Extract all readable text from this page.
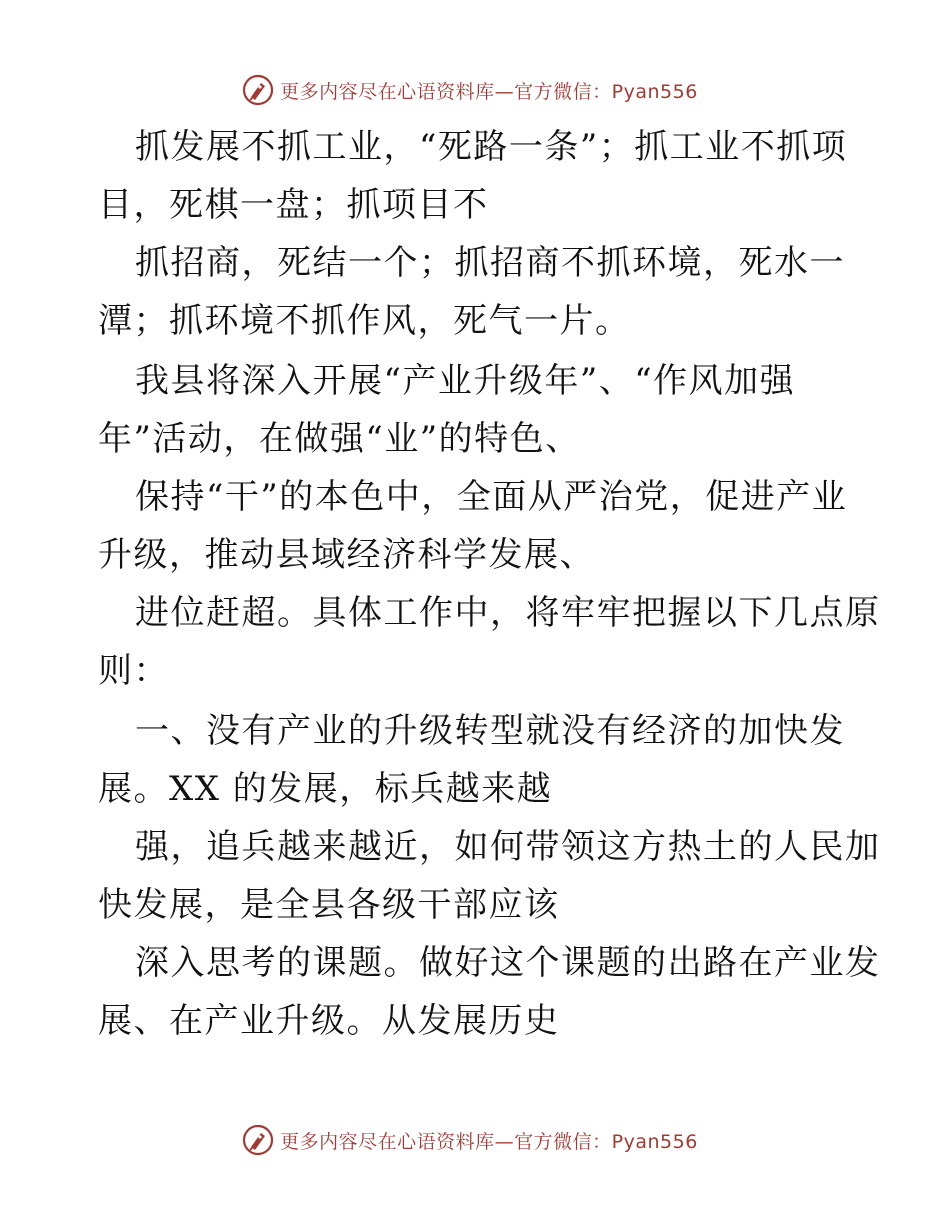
更多内容尽在心语资料库—官方微信：Pyan556
抓发展不抓工业，“死路一条”；抓工业不抓项
目，死棋一盘；抓项目不
抓招商，死结一个；抓招商不抓环境，死水一
潭；抓环境不抓作风，死气一片。
我县将深入开展“产业升级年”、“作风加强
年”活动，在做强“业”的特色、
保持“干”的本色中，全面从严治党，促进产业
升级，推动县域经济科学发展、
进位赶超。具体工作中，将牢牢把握以下几点原
则：
一、没有产业的升级转型就没有经济的加快发
展。XX 的发展，标兵越来越
强，追兵越来越近，如何带领这方热土的人民加
快发展，是全县各级干部应该
深入思考的课题。做好这个课题的出路在产业发
展、在产业升级。从发展历史
更多内容尽在心语资料库—官方微信：Pyan556
